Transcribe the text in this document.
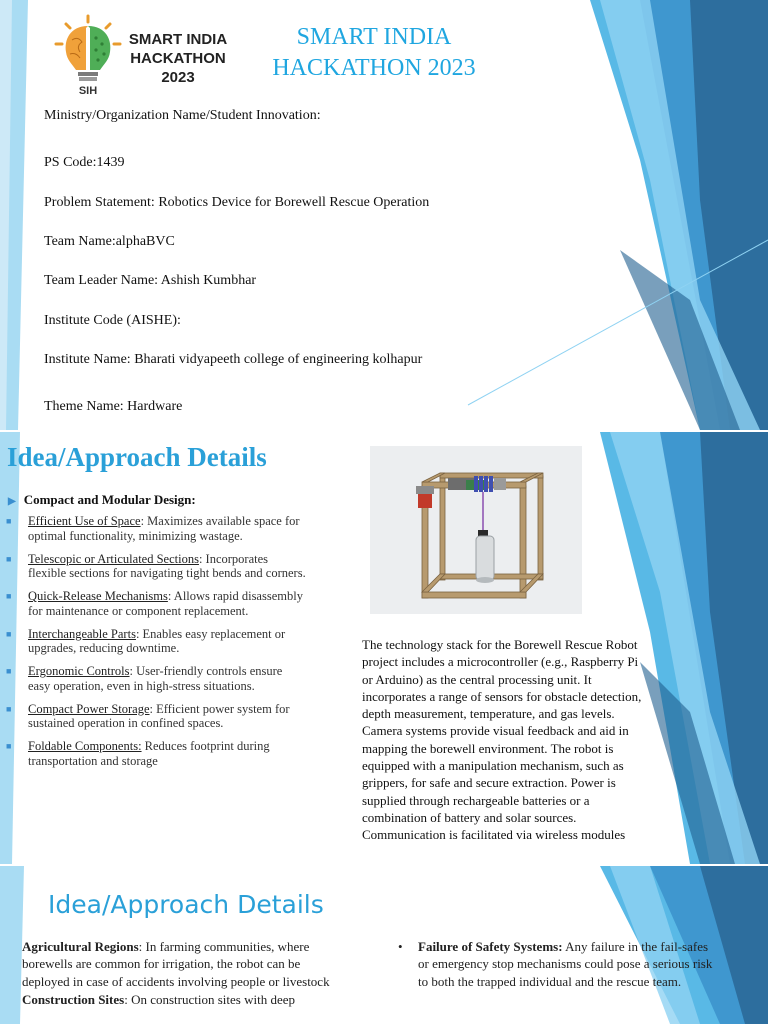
SIH
SMART INDIA
HACKATHON
2023
SMART INDIA
HACKATHON 2023
Ministry/Organization Name/Student Innovation:
PS Code:1439
Problem Statement: Robotics Device for Borewell Rescue Operation
Team Name:alphaBVC
Team Leader Name: Ashish Kumbhar
Institute Code (AISHE):
Institute Name: Bharati vidyapeeth college of engineering kolhapur
Theme Name: Hardware
Idea/Approach Details
▶ Compact and Modular Design:
■ Efficient Use of Space: Maximizes available space for optimal functionality, minimizing wastage.
■ Telescopic or Articulated Sections: Incorporates flexible sections for navigating tight bends and corners.
■ Quick-Release Mechanisms: Allows rapid disassembly for maintenance or component replacement.
■ Interchangeable Parts: Enables easy replacement or upgrades, reducing downtime.
■ Ergonomic Controls: User-friendly controls ensure easy operation, even in high-stress situations.
■ Compact Power Storage: Efficient power system for sustained operation in confined spaces.
■ Foldable Components: Reduces footprint during transportation and storage
The technology stack for the Borewell Rescue Robot project includes a microcontroller (e.g., Raspberry Pi or Arduino) as the central processing unit. It incorporates a range of sensors for obstacle detection, depth measurement, temperature, and gas levels. Camera systems provide visual feedback and aid in mapping the borewell environment. The robot is equipped with a manipulation mechanism, such as grippers, for safe and secure extraction. Power is supplied through rechargeable batteries or a combination of battery and solar sources. Communication is facilitated via wireless modules
Idea/Approach Details
Agricultural Regions: In farming communities, where borewells are common for irrigation, the robot can be deployed in case of accidents involving people or livestock
Construction Sites: On construction sites with deep
•	Failure of Safety Systems: Any failure in the fail-safes or emergency stop mechanisms could pose a serious risk to both the trapped individual and the rescue team.
